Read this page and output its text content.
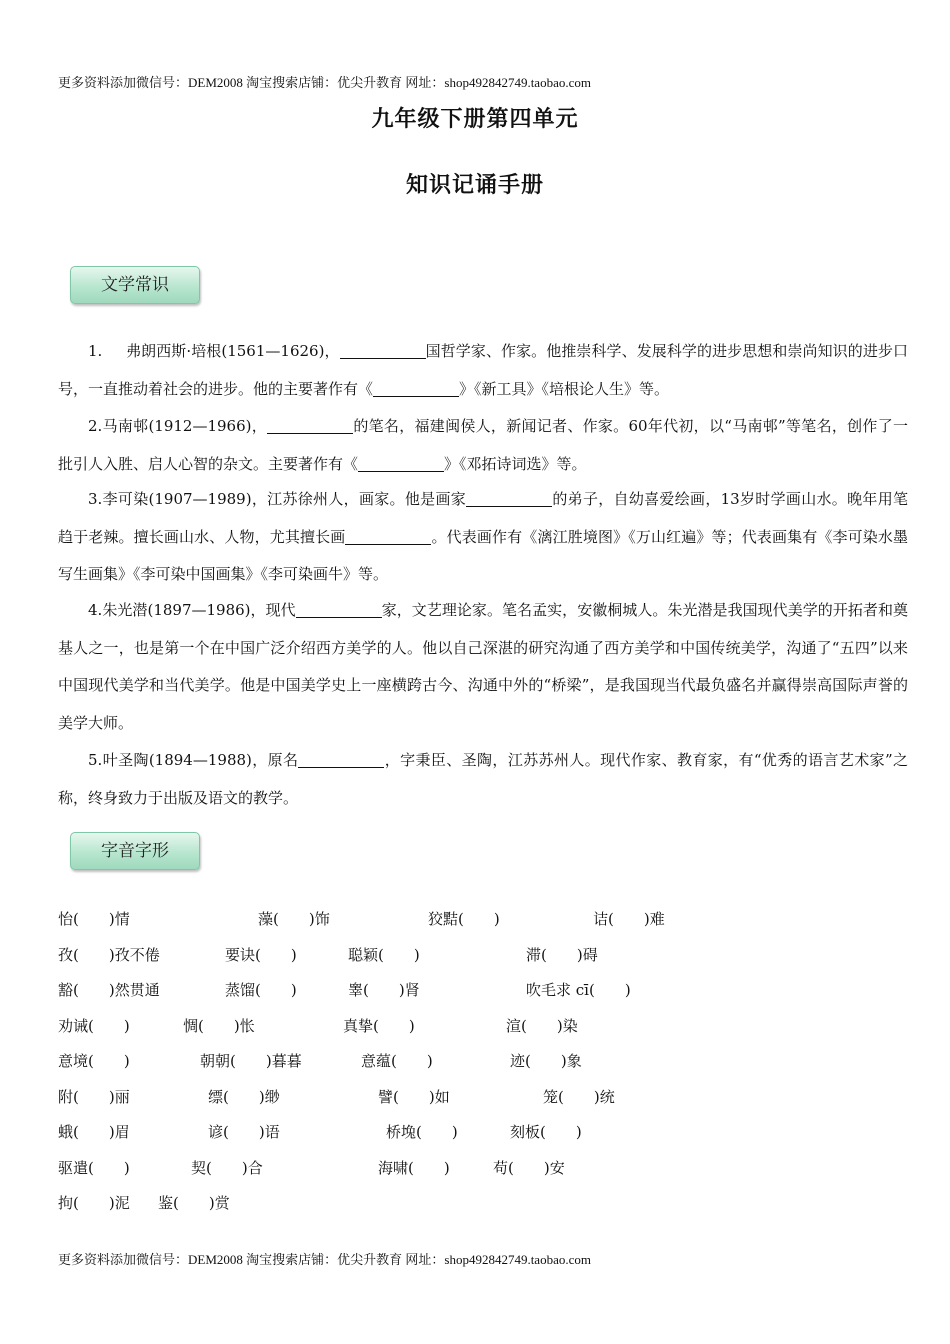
更多资料添加微信号：DEM2008 淘宝搜索店铺：优尖升教育 网址：shop492842749.taobao.com
九年级下册第四单元
知识记诵手册
文学常识
1. 弗朗西斯·培根(1561—1626)，	国哲学家、作家。他推崇科学、发展科学的进步思想和崇尚知识的进步口号，一直推动着社会的进步。他的主要著作有《	》《新工具》《培根论人生》等。
2.马南邨(1912—1966)，	的笔名，福建闽侯人，新闻记者、作家。60年代初，以“马南邨”等笔名，创作了一批引人入胜、启人心智的杂文。主要著作有《	》《邓拓诗词选》等。
3.李可染(1907—1989)，江苏徐州人，画家。他是画家	的弟子，自幼喜爱绘画，13岁时学画山水。晚年用笔趋于老辣。擅长画山水、人物，尤其擅长画	。代表画作有《漓江胜境图》《万山红遍》等；代表画集有《李可染水墨写生画集》《李可染中国画集》《李可染画牛》等。
4.朱光潜(1897—1986)，现代	家，文艺理论家。笔名孟实，安徽桐城人。朱光潜是我国现代美学的开拓者和奠基人之一，也是第一个在中国广泛介绍西方美学的人。他以自己深湛的研究沟通了西方美学和中国传统美学，沟通了“五四”以来中国现代美学和当代美学。他是中国美学史上一座横跨古今、沟通中外的“桥梁”，是我国现当代最负盛名并赢得崇高国际声誉的美学大师。
5.叶圣陶(1894—1988)，原名	，字秉臣、圣陶，江苏苏州人。现代作家、教育家，有“优秀的语言艺术家”之称，终身致力于出版及语文的教学。
字音字形
怡(　　)情	藻(　　)饰	狡黠(　　)	诘(　　)难
孜(　　)孜不倦	要诀(　　)	聪颖(　　)	滞(　　)碍
豁(　　)然贯通	蒸馏(　　)	睾(　　)肾	吹毛求 cī(　　)
劝诫(　　)	惆(　　)怅	真挚(　　)	渲(　　)染
意境(　　)	朝朝(　　)暮暮	意蕴(　　)	迹(　　)象
附(　　)丽	缥(　　)缈	譬(　　)如	笼(　　)统
蛾(　　)眉	谚(　　)语	桥堍(　　)	刻板(　　)
驱遣(　　)	契(　　)合	海啸(　　)	苟(　　)安
拘(　　)泥 鉴(　　)赏
更多资料添加微信号：DEM2008 淘宝搜索店铺：优尖升教育 网址：shop492842749.taobao.com
